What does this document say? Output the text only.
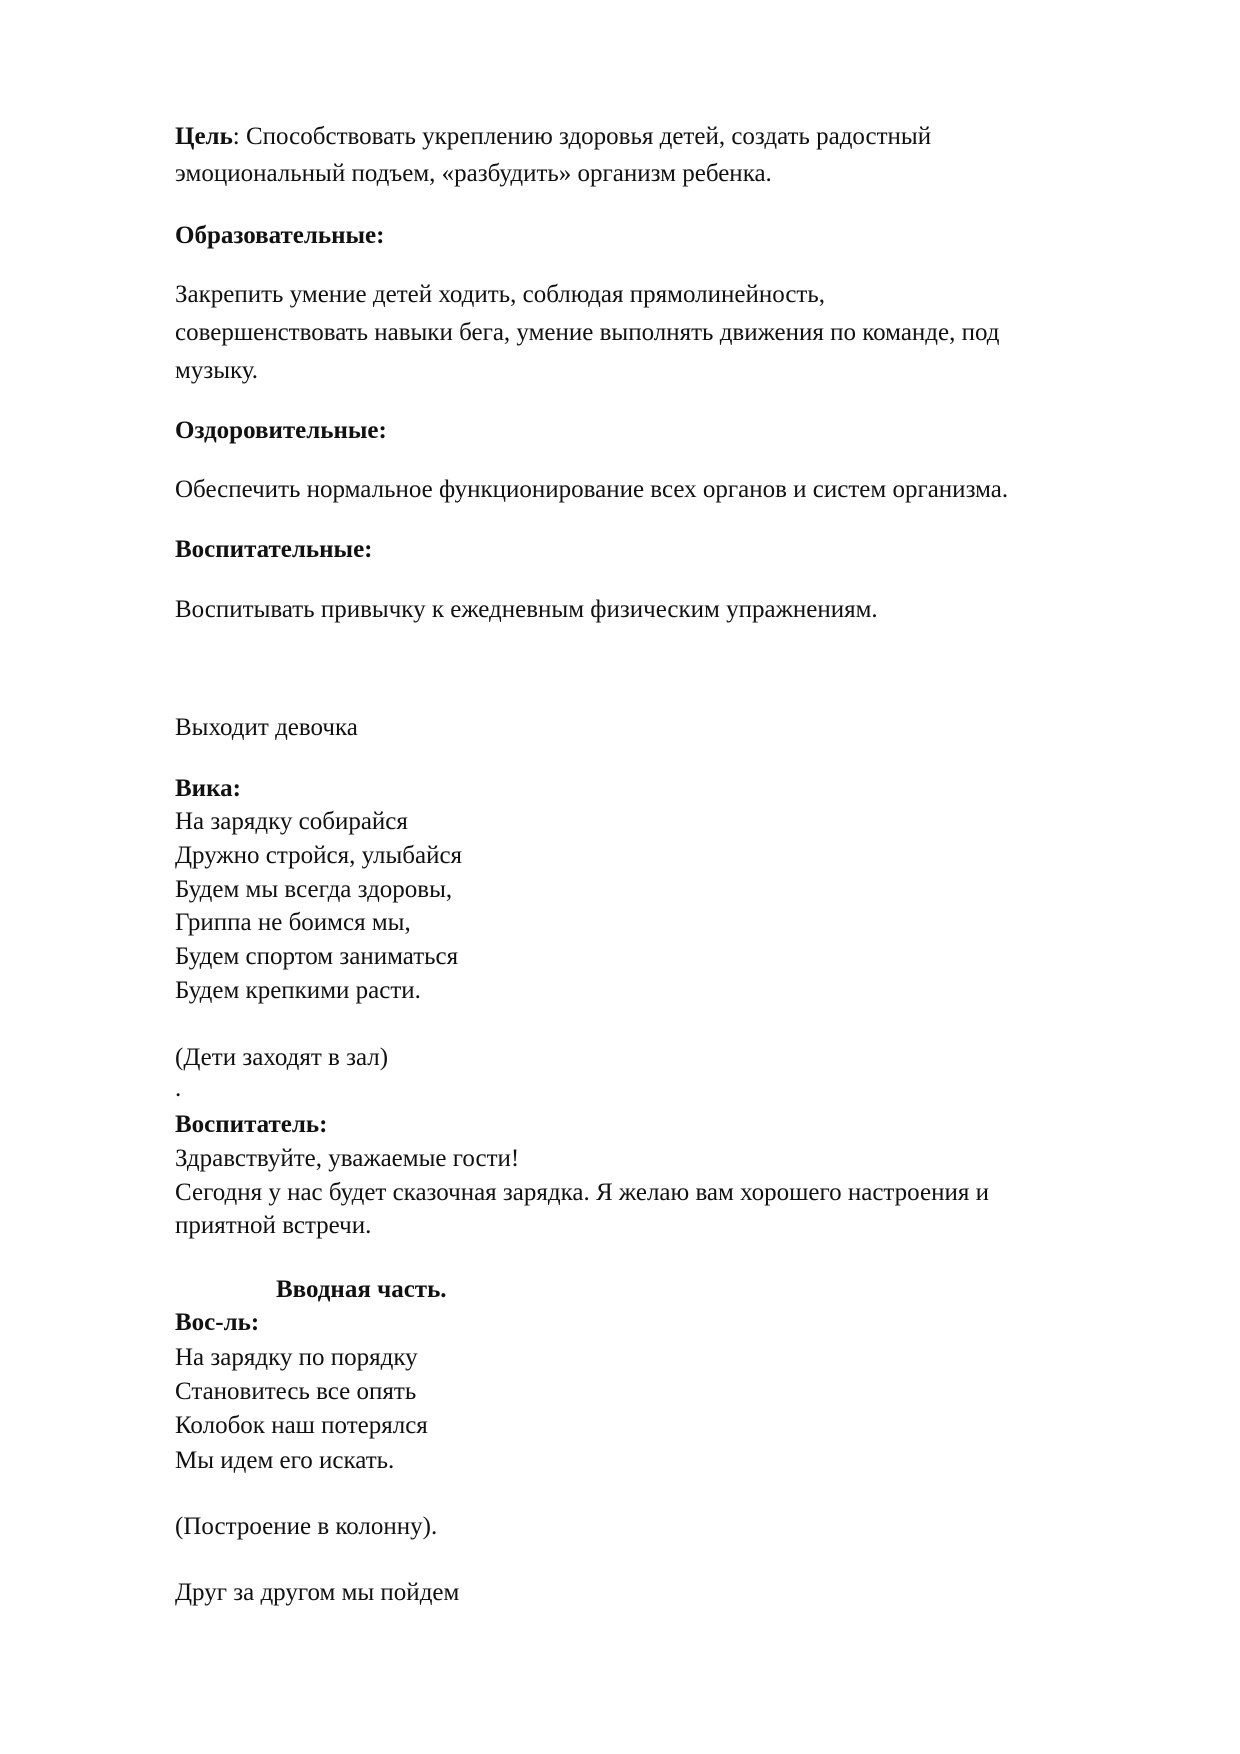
Цель: Способствовать укреплению здоровья детей, создать радостный
эмоциональный подъем, «разбудить» организм ребенка.
Образовательные:
Закрепить умение детей ходить, соблюдая прямолинейность,
совершенствовать навыки бега, умение выполнять движения по команде, под
музыку.
Оздоровительные:
Обеспечить нормальное функционирование всех органов и систем организма.
Воспитательные:
Воспитывать привычку к ежедневным физическим упражнениям.
Выходит девочка
Вика:
На зарядку собирайся
Дружно стройся, улыбайся
Будем мы всегда здоровы,
Гриппа не боимся мы,
Будем спортом заниматься
Будем крепкими расти.
(Дети заходят в зал)
.
Воспитатель:
Здравствуйте, уважаемые гости!
Сегодня у нас будет сказочная зарядка. Я желаю вам хорошего настроения и
приятной встречи.
Вводная часть.
Вос-ль:
На зарядку по порядку
Становитесь все опять
Колобок наш потерялся
Мы идем его искать.
(Построение в колонну).
Друг за другом мы пойдем
